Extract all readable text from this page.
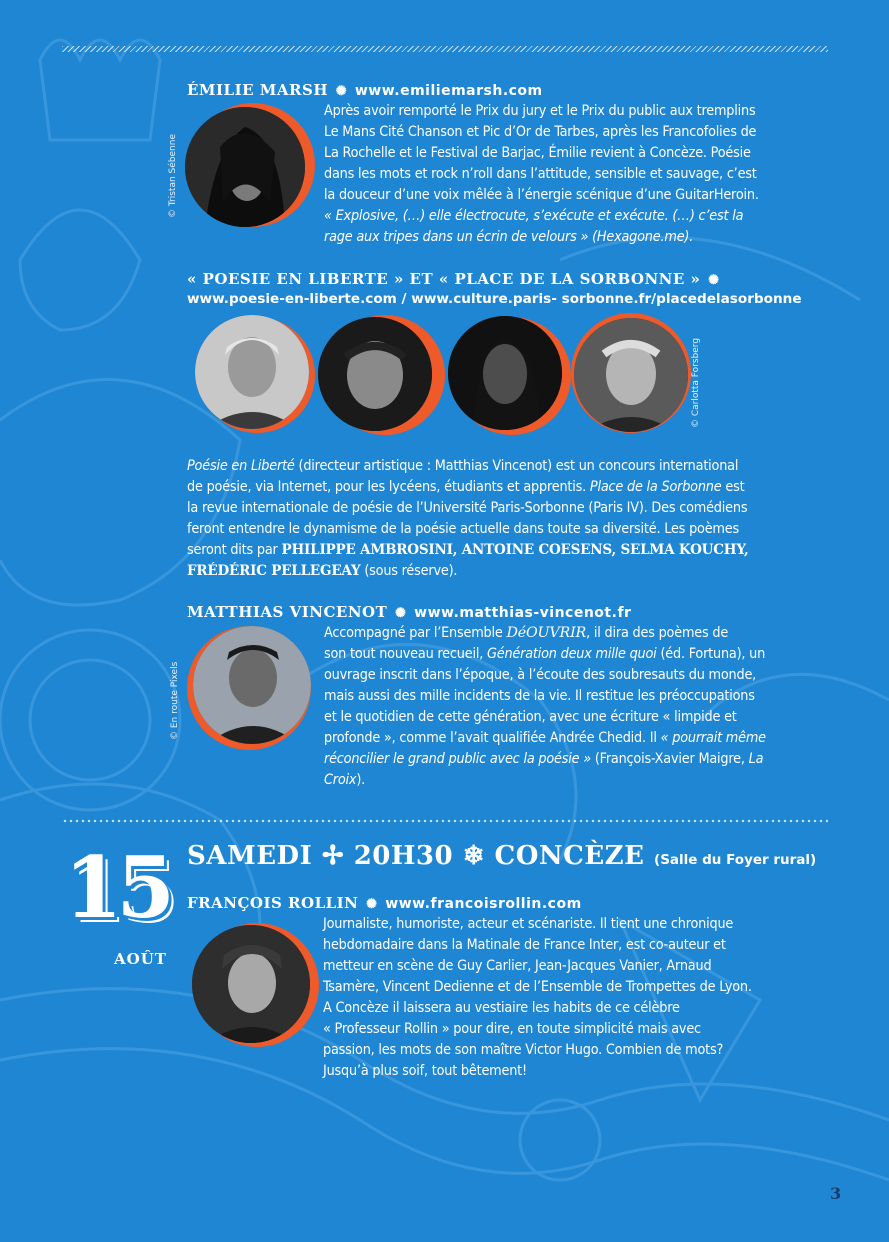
ÉMILIE MARSH ✺ www.emiliemarsh.com
© Tristan Sébenne

Après avoir remporté le Prix du jury et le Prix du public aux tremplins

Le Mans Cité Chanson et Pic d’Or de Tarbes, après les Francofolies de

La Rochelle et le Festival de Barjac, Émilie revient à Concèze. Poésie

dans les mots et rock n’roll dans l’attitude, sensible et sauvage, c’est

la douceur d’une voix mêlée à l’énergie scénique d’une GuitarHeroin.

« Explosive, (…) elle électrocute, s’exécute et exécute. (…) c’est la

rage aux tripes dans un écrin de velours » (Hexagone.me).

« POESIE EN LIBERTE » ET « PLACE DE LA SORBONNE » ✺
www.poesie-en-liberte.com / www.culture.paris- sorbonne.fr/placedelasorbonne
© Carlotta Forsberg

Poésie en Liberté (directeur artistique : Matthias Vincenot) est un concours international

de poésie, via Internet, pour les lycéens, étudiants et apprentis. Place de la Sorbonne est

la revue internationale de poésie de l’Université Paris-Sorbonne (Paris IV). Des comédiens

feront entendre le dynamisme de la poésie actuelle dans toute sa diversité. Les poèmes

seront dits par PHILIPPE AMBROSINI, ANTOINE COESENS, SELMA KOUCHY,

FRÉDÉRIC PELLEGEAY (sous réserve).

MATTHIAS VINCENOT ✺ www.matthias-vincenot.fr
© En route Pixels

Accompagné par l’Ensemble DéOUVRIR, il dira des poèmes de

son tout nouveau recueil, Génération deux mille quoi (éd. Fortuna), un

ouvrage inscrit dans l’époque, à l’écoute des soubresauts du monde,

mais aussi des mille incidents de la vie. Il restitue les préoccupations

et le quotidien de cette génération, avec une écriture « limpide et

profonde », comme l’avait qualifiée Andrée Chedid. Il « pourrait même

réconcilier le grand public avec la poésie » (François-Xavier Maigre, La

Croix).

15
AOÛT
SAMEDI ✢ 20H30 ❄ CONCÈZE (Salle du Foyer rural)
FRANÇOIS ROLLIN ✺ www.francoisrollin.com

Journaliste, humoriste, acteur et scénariste. Il tient une chronique

hebdomadaire dans la Matinale de France Inter, est co-auteur et

metteur en scène de Guy Carlier, Jean-Jacques Vanier, Arnaud

Tsamère, Vincent Dedienne et de l’Ensemble de Trompettes de Lyon.

A Concèze il laissera au vestiaire les habits de ce célèbre

« Professeur Rollin » pour dire, en toute simplicité mais avec

passion, les mots de son maître Victor Hugo. Combien de mots?

Jusqu’à plus soif, tout bêtement!

3
